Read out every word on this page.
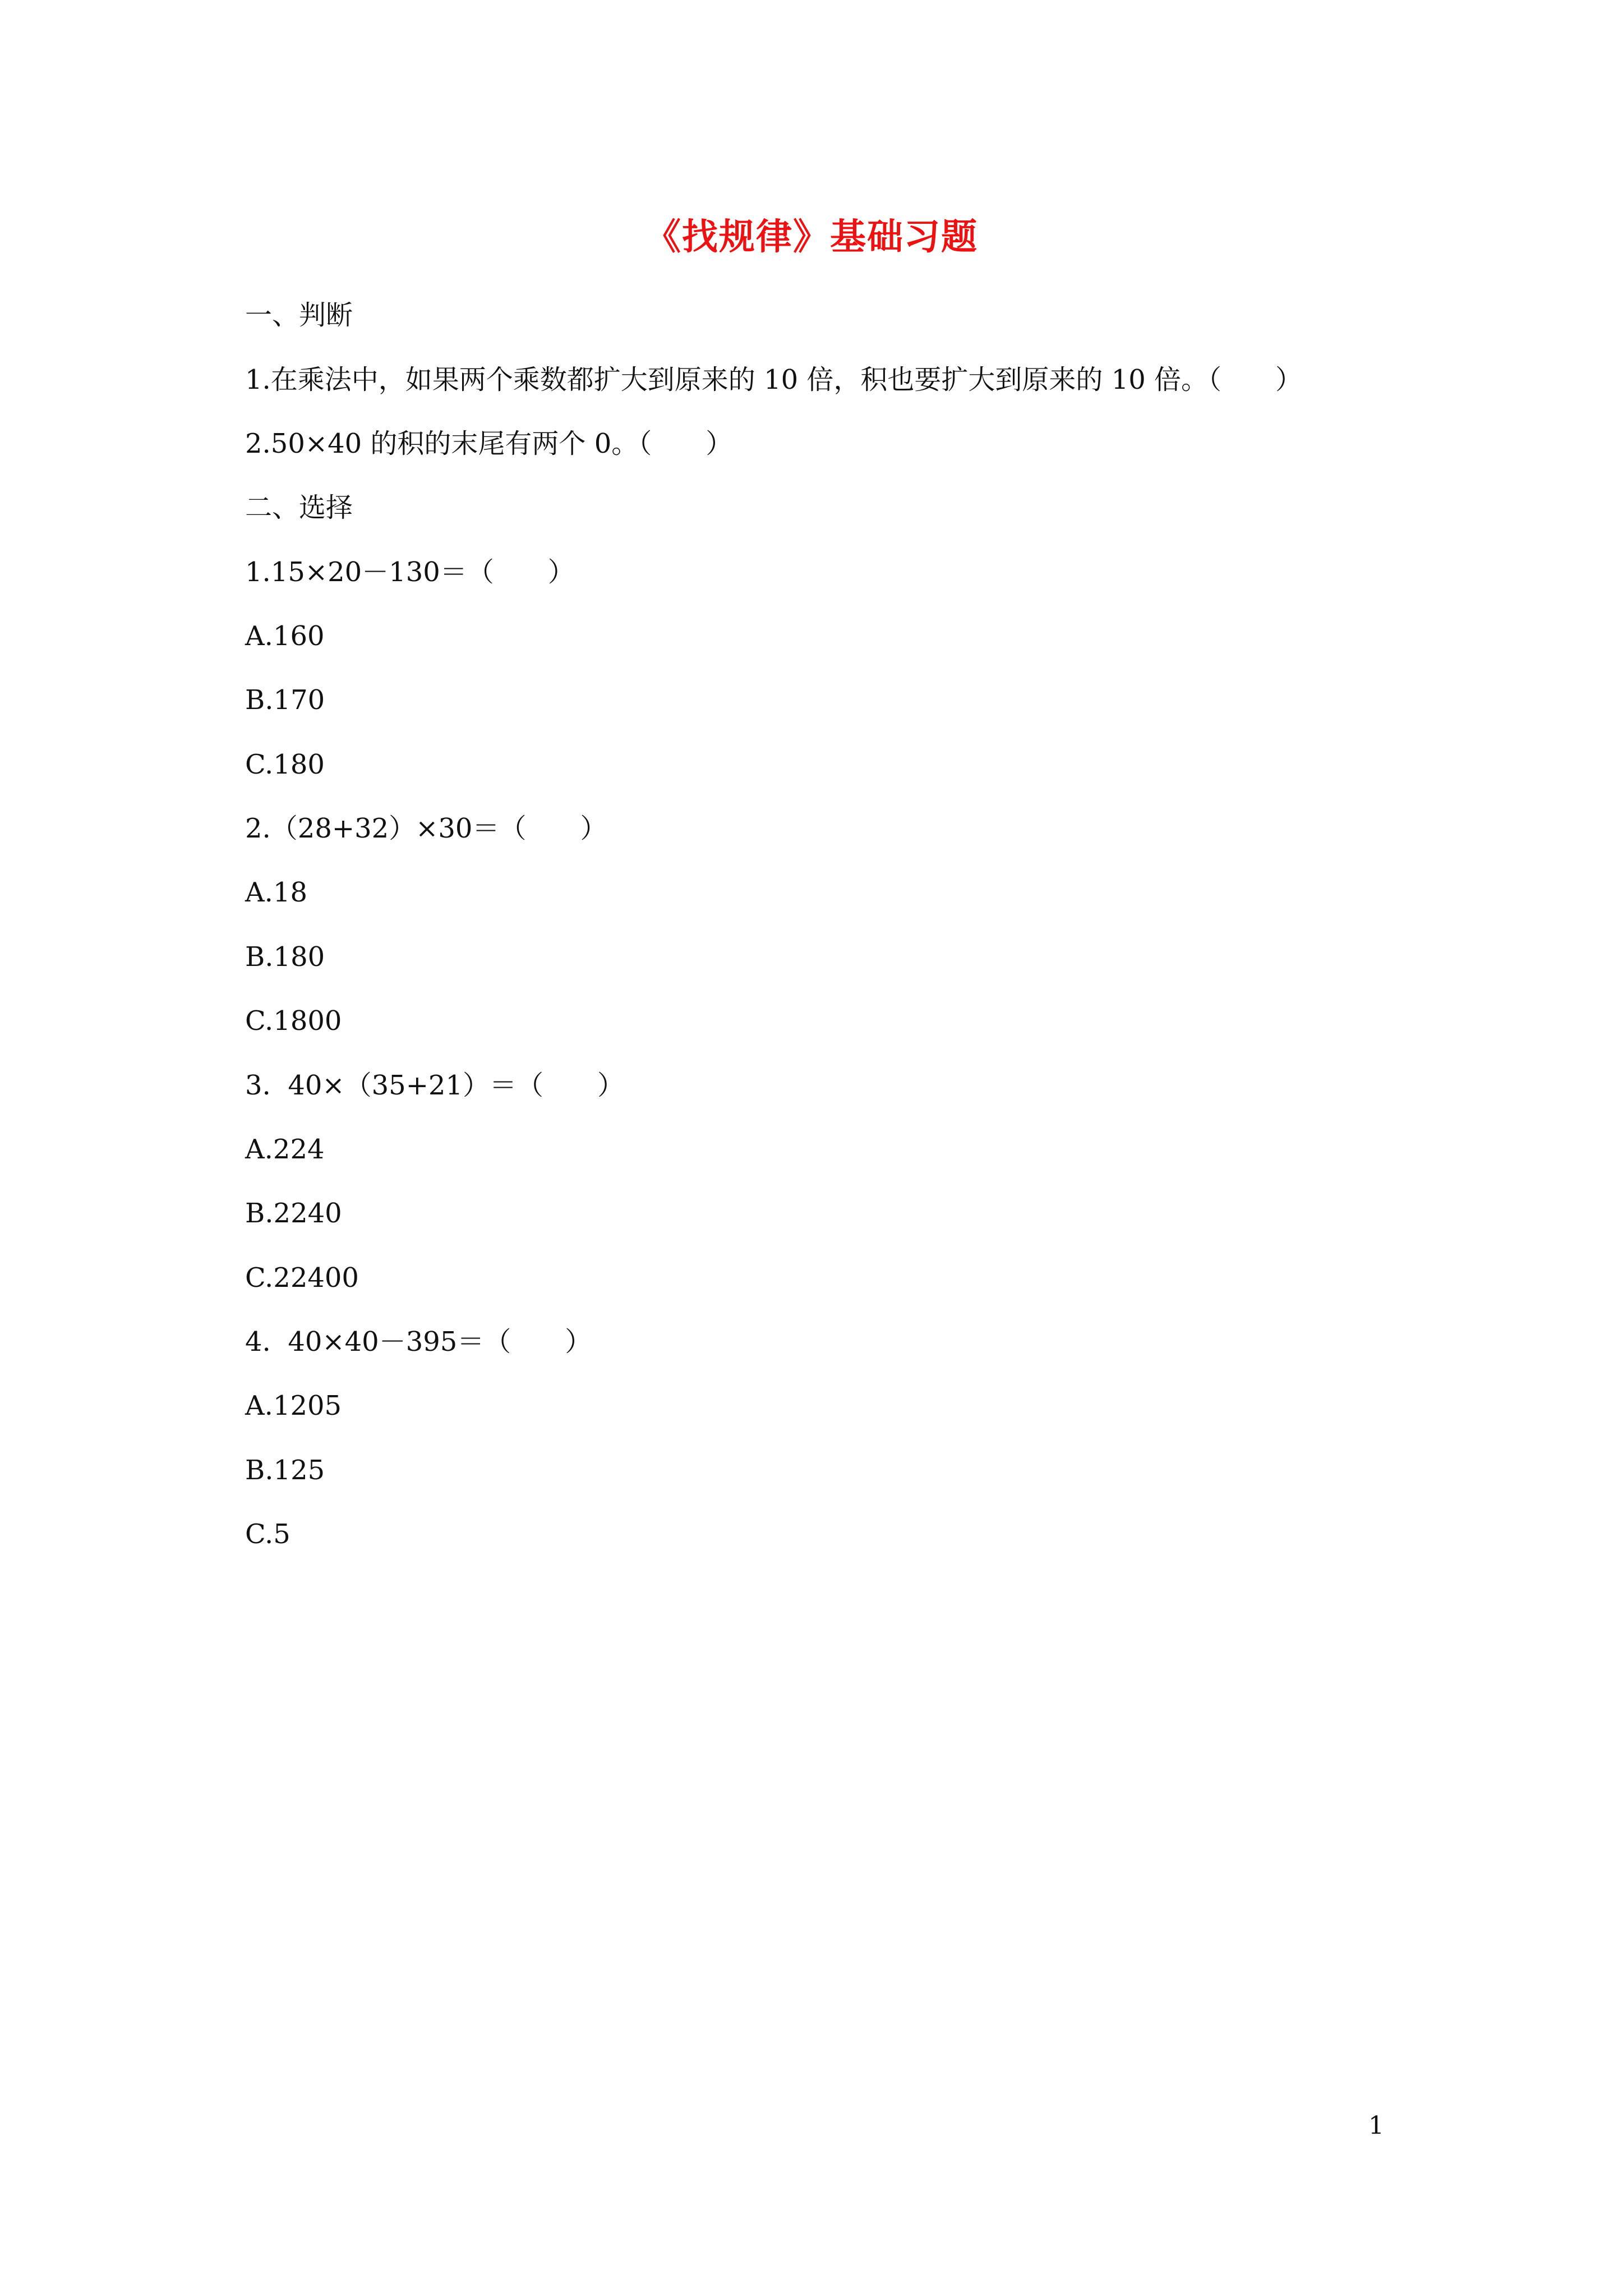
《找规律》基础习题
一、判断
1.在乘法中，如果两个乘数都扩大到原来的 10 倍，积也要扩大到原来的 10 倍。（　　）
2.50×40 的积的末尾有两个 0。（　　）
二、选择
1.15×20－130＝（　　）
A.160
B.170
C.180
2.（28+32）×30＝（　　）
A.18
B.180
C.1800
3.  40×（35+21）＝（　　）
A.224
B.2240
C.22400
4.  40×40－395＝（　　）
A.1205
B.125
C.5
1
